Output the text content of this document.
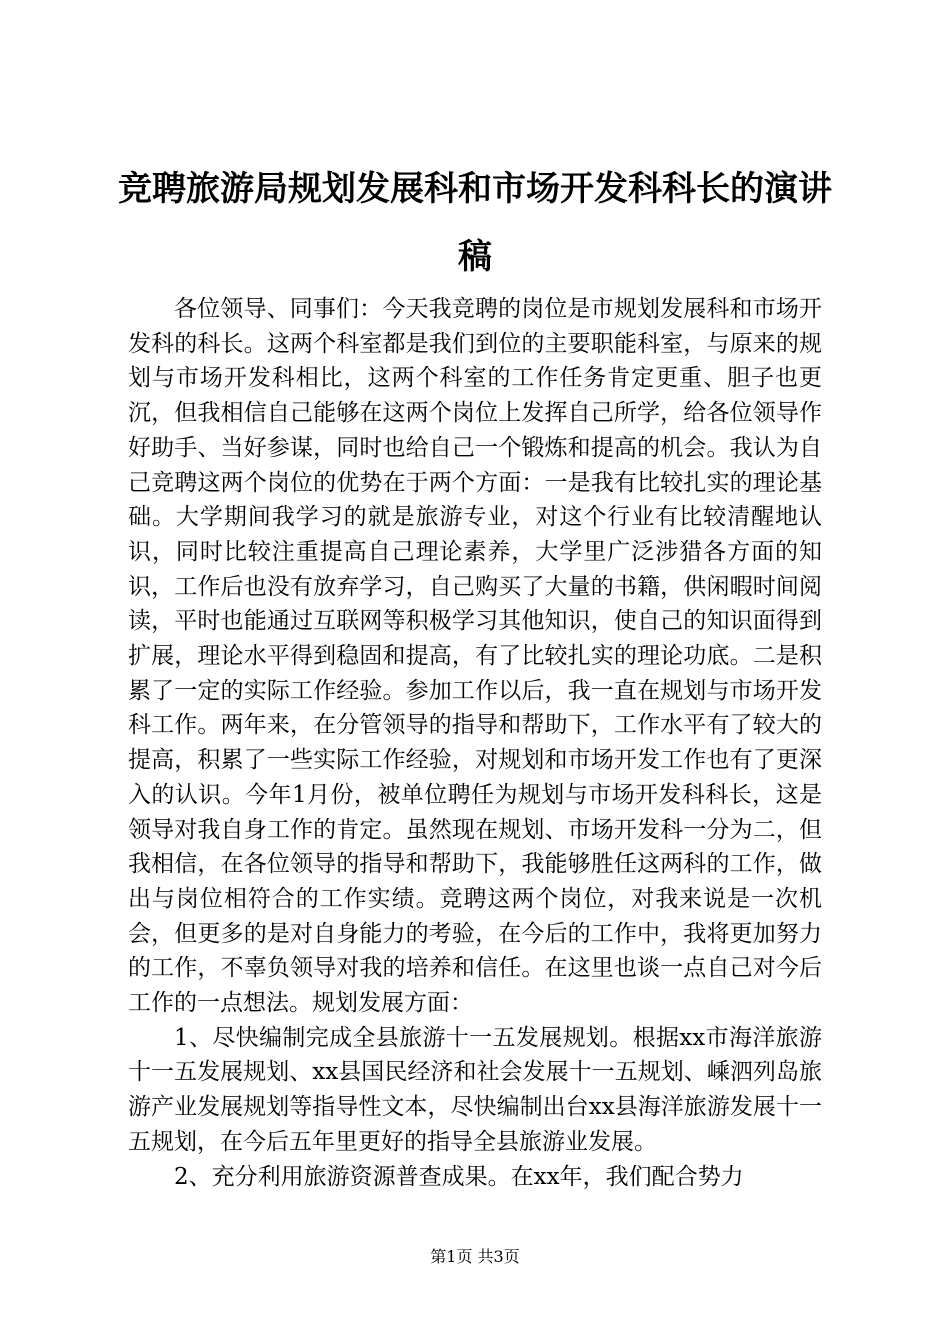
竞聘旅游局规划发展科和市场开发科科长的演讲稿

各位领导、同事们：今天我竞聘的岗位是市规划发展科和市场开发科的科长。这两个科室都是我们到位的主要职能科室，与原来的规划与市场开发科相比，这两个科室的工作任务肯定更重、胆子也更沉，但我相信自己能够在这两个岗位上发挥自己所学，给各位领导作好助手、当好参谋，同时也给自己一个锻炼和提高的机会。我认为自己竞聘这两个岗位的优势在于两个方面：一是我有比较扎实的理论基础。大学期间我学习的就是旅游专业，对这个行业有比较清醒地认识，同时比较注重提高自己理论素养，大学里广泛涉猎各方面的知识，工作后也没有放弃学习，自己购买了大量的书籍，供闲暇时间阅读，平时也能通过互联网等积极学习其他知识，使自己的知识面得到扩展，理论水平得到稳固和提高，有了比较扎实的理论功底。二是积累了一定的实际工作经验。参加工作以后，我一直在规划与市场开发科工作。两年来，在分管领导的指导和帮助下，工作水平有了较大的提高，积累了一些实际工作经验，对规划和市场开发工作也有了更深入的认识。今年1月份，被单位聘任为规划与市场开发科科长，这是领导对我自身工作的肯定。虽然现在规划、市场开发科一分为二，但我相信，在各位领导的指导和帮助下，我能够胜任这两科的工作，做出与岗位相符合的工作实绩。竞聘这两个岗位，对我来说是一次机会，但更多的是对自身能力的考验，在今后的工作中，我将更加努力的工作，不辜负领导对我的培养和信任。在这里也谈一点自己对今后工作的一点想法。规划发展方面：

1、尽快编制完成全县旅游十一五发展规划。根据xx市海洋旅游十一五发展规划、xx县国民经济和社会发展十一五规划、嵊泗列岛旅游产业发展规划等指导性文本，尽快编制出台xx县海洋旅游发展十一五规划，在今后五年里更好的指导全县旅游业发展。

2、充分利用旅游资源普查成果。在xx年，我们配合势力

第1页 共3页
